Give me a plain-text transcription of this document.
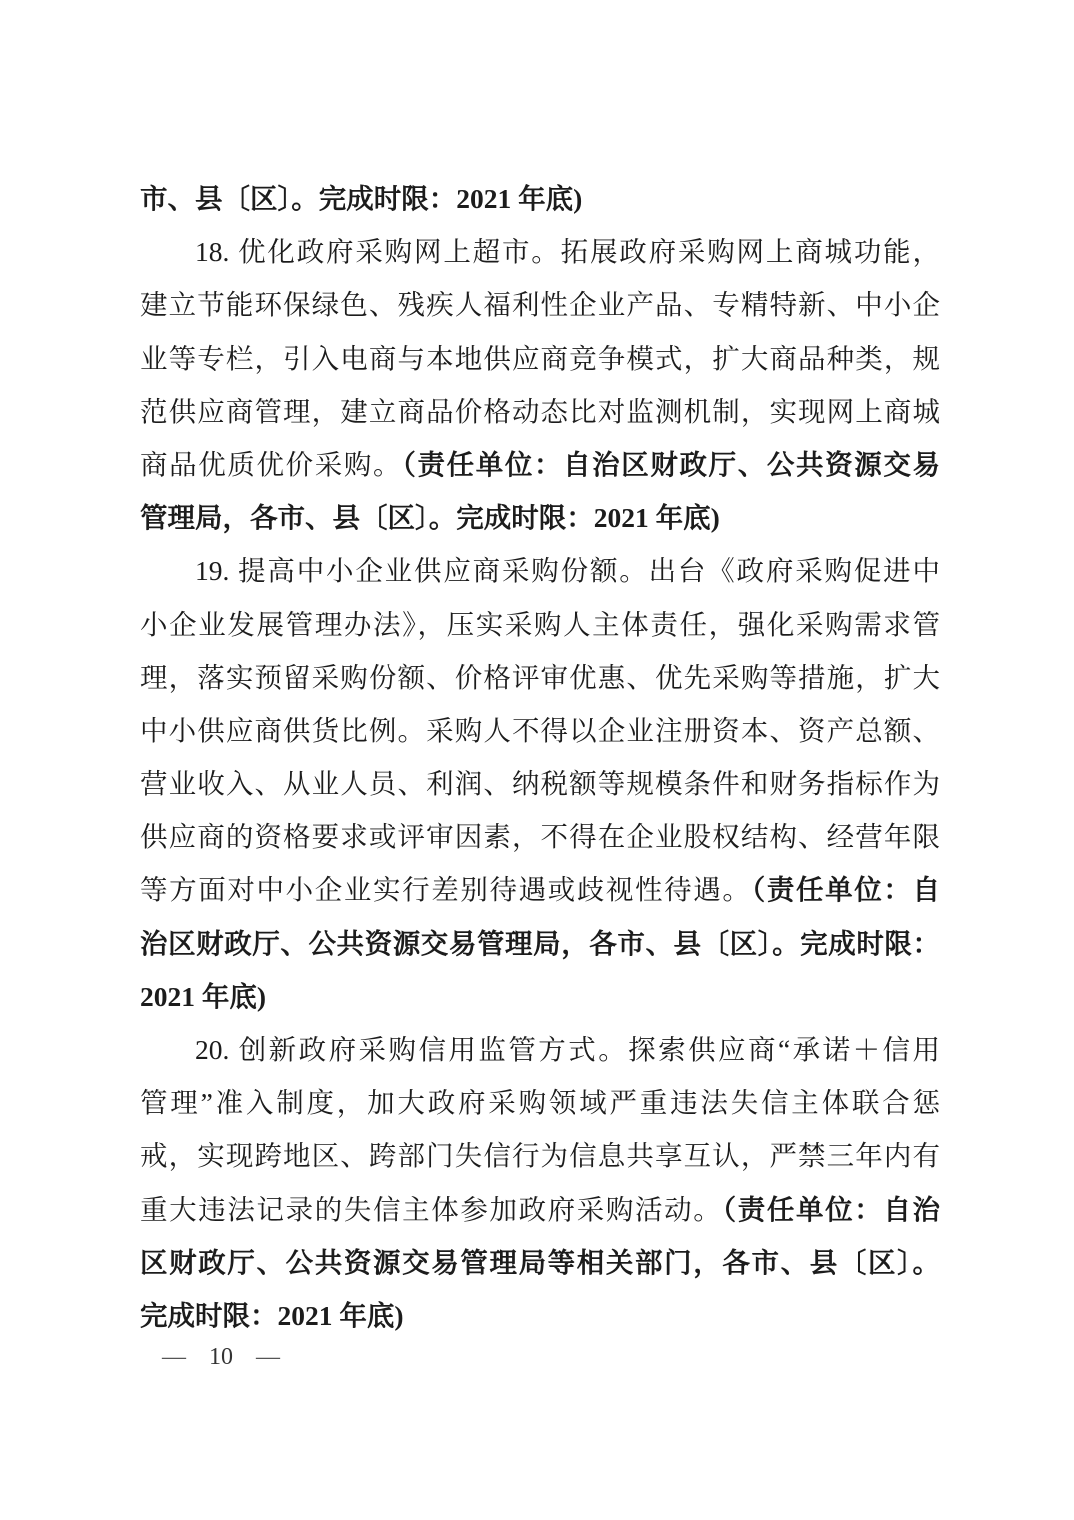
市、县〔区〕。完成时限：2021 年底)
18. 优化政府采购网上超市。拓展政府采购网上商城功能，
建立节能环保绿色、残疾人福利性企业产品、专精特新、中小企
业等专栏，引入电商与本地供应商竞争模式，扩大商品种类，规
范供应商管理，建立商品价格动态比对监测机制，实现网上商城
商品优质优价采购。（责任单位：自治区财政厅、公共资源交易
管理局，各市、县〔区〕。完成时限：2021 年底)
19. 提高中小企业供应商采购份额。出台《政府采购促进中
小企业发展管理办法》，压实采购人主体责任，强化采购需求管
理，落实预留采购份额、价格评审优惠、优先采购等措施，扩大
中小供应商供货比例。采购人不得以企业注册资本、资产总额、
营业收入、从业人员、利润、纳税额等规模条件和财务指标作为
供应商的资格要求或评审因素，不得在企业股权结构、经营年限
等方面对中小企业实行差别待遇或歧视性待遇。（责任单位：自
治区财政厅、公共资源交易管理局，各市、县〔区〕。完成时限：
2021 年底)
20. 创新政府采购信用监管方式。探索供应商“承诺＋信用
管理”准入制度，加大政府采购领域严重违法失信主体联合惩
戒，实现跨地区、跨部门失信行为信息共享互认，严禁三年内有
重大违法记录的失信主体参加政府采购活动。（责任单位：自治
区财政厅、公共资源交易管理局等相关部门，各市、县〔区〕。
完成时限：2021 年底)
— 10 —
